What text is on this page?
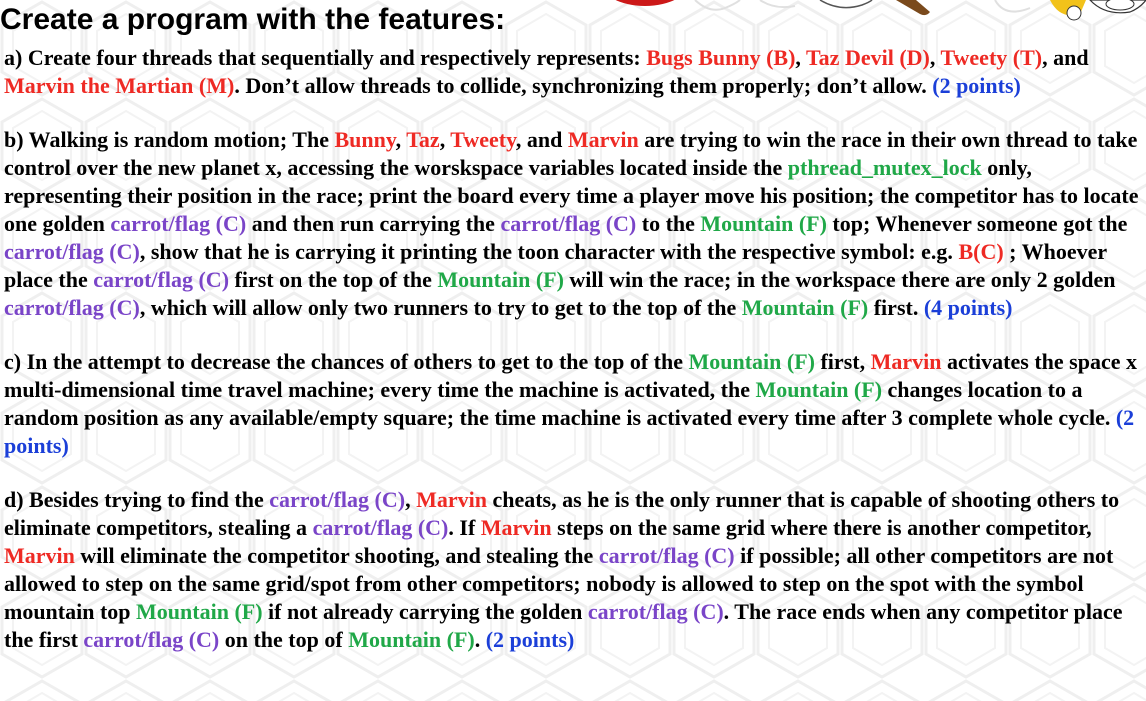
Create a program with the features:

a) Create four threads that sequentially and respectively represents: Bugs Bunny (B), Taz Devil (D), Tweety (T), and Marvin the Martian (M). Don’t allow threads to collide, synchronizing them properly; don’t allow. (2 points)

b) Walking is random motion; The Bunny, Taz, Tweety, and Marvin are trying to win the race in their own thread to take control over the new planet x, accessing the worskspace variables located inside the pthread_mutex_lock only, representing their position in the race; print the board every time a player move his position; the competitor has to locate one golden carrot/flag (C) and then run carrying the carrot/flag (C) to the Mountain (F) top; Whenever someone got the carrot/flag (C), show that he is carrying it printing the toon character with the respective symbol: e.g. B(C) ; Whoever place the carrot/flag (C) first on the top of the Mountain (F) will win the race; in the workspace there are only 2 golden carrot/flag (C), which will allow only two runners to try to get to the top of the Mountain (F) first. (4 points)

c) In the attempt to decrease the chances of others to get to the top of the Mountain (F) first, Marvin activates the space x multi-dimensional time travel machine; every time the machine is activated, the Mountain (F) changes location to a random position as any available/empty square; the time machine is activated every time after 3 complete whole cycle. (2 points)

d) Besides trying to find the carrot/flag (C), Marvin cheats, as he is the only runner that is capable of shooting others to eliminate competitors, stealing a carrot/flag (C). If Marvin steps on the same grid where there is another competitor, Marvin will eliminate the competitor shooting, and stealing the carrot/flag (C) if possible; all other competitors are not allowed to step on the same grid/spot from other competitors; nobody is allowed to step on the spot with the symbol mountain top Mountain (F) if not already carrying the golden carrot/flag (C). The race ends when any competitor place the first carrot/flag (C) on the top of Mountain (F). (2 points)
